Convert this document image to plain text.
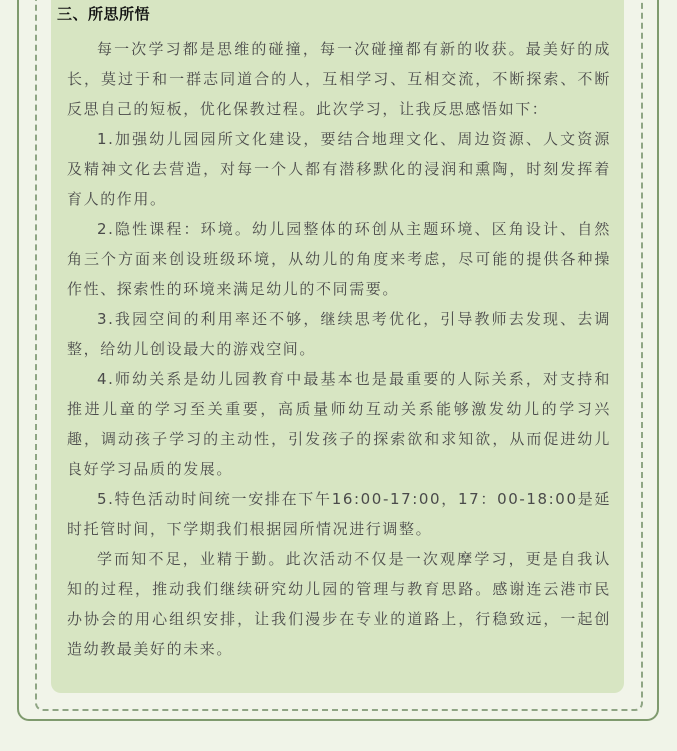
三、所思所悟

每一次学习都是思维的碰撞，每一次碰撞都有新的收获。最美好的成长，莫过于和一群志同道合的人，互相学习、互相交流，不断探索、不断反思自己的短板，优化保教过程。此次学习，让我反思感悟如下：

1.加强幼儿园园所文化建设，要结合地理文化、周边资源、人文资源及精神文化去营造，对每一个人都有潜移默化的浸润和熏陶，时刻发挥着育人的作用。

2.隐性课程：环境。幼儿园整体的环创从主题环境、区角设计、自然角三个方面来创设班级环境，从幼儿的角度来考虑，尽可能的提供各种操作性、探索性的环境来满足幼儿的不同需要。

3.我园空间的利用率还不够，继续思考优化，引导教师去发现、去调整，给幼儿创设最大的游戏空间。

4.师幼关系是幼儿园教育中最基本也是最重要的人际关系，对支持和推进儿童的学习至关重要，高质量师幼互动关系能够激发幼儿的学习兴趣，调动孩子学习的主动性，引发孩子的探索欲和求知欲，从而促进幼儿良好学习品质的发展。

5.特色活动时间统一安排在下午16:00-17:00，17：00-18:00是延时托管时间，下学期我们根据园所情况进行调整。

学而知不足，业精于勤。此次活动不仅是一次观摩学习，更是自我认知的过程，推动我们继续研究幼儿园的管理与教育思路。感谢连云港市民办协会的用心组织安排，让我们漫步在专业的道路上，行稳致远，一起创造幼教最美好的未来。
